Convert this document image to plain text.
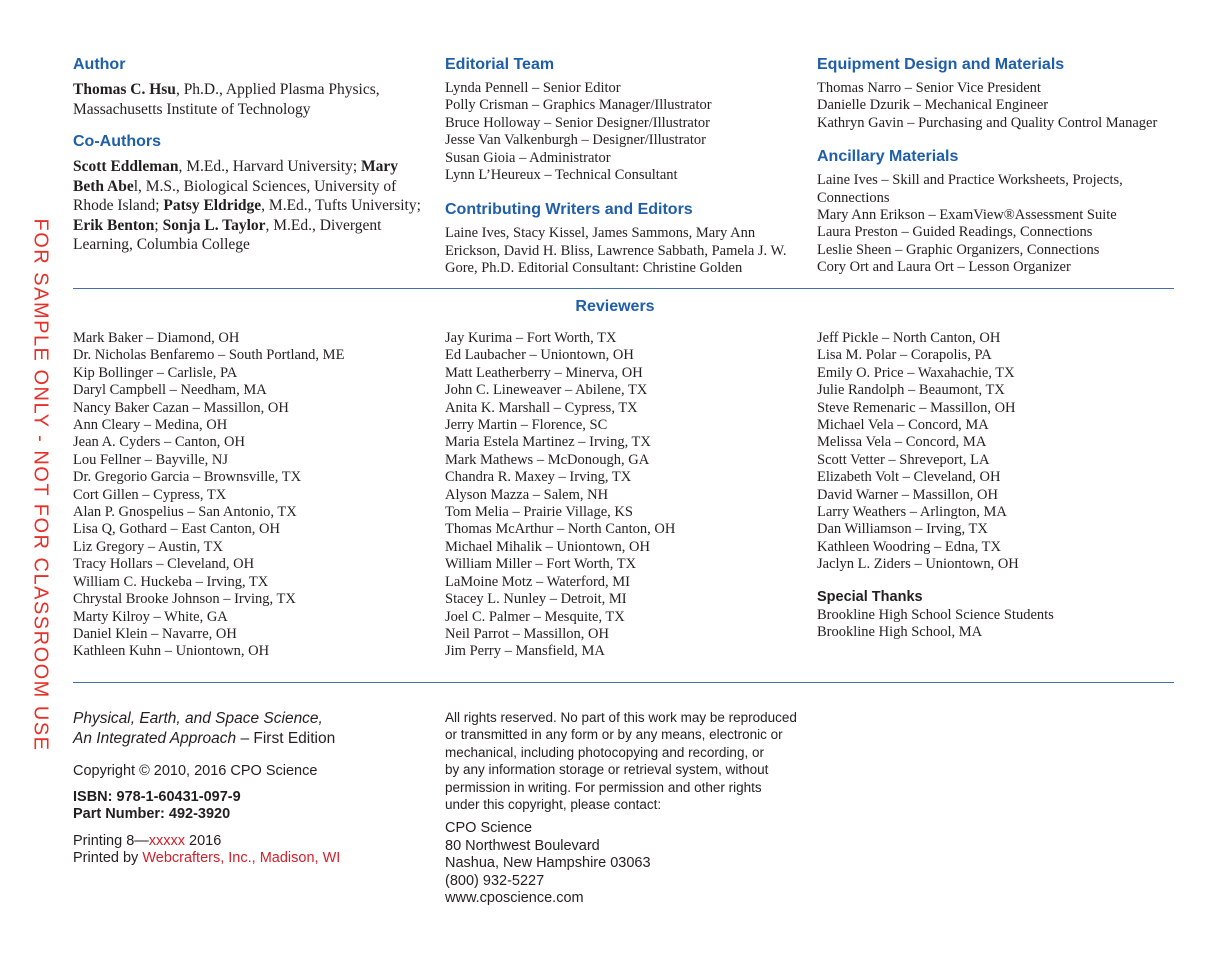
FOR SAMPLE ONLY - NOT FOR CLASSROOM USE
Author
Thomas C. Hsu, Ph.D., Applied Plasma Physics, Massachusetts Institute of Technology
Co-Authors
Scott Eddleman, M.Ed., Harvard University; Mary Beth Abel, M.S., Biological Sciences, University of Rhode Island; Patsy Eldridge, M.Ed., Tufts University; Erik Benton; Sonja L. Taylor, M.Ed., Divergent Learning, Columbia College
Editorial Team
Lynda Pennell – Senior Editor
Polly Crisman – Graphics Manager/Illustrator
Bruce Holloway – Senior Designer/Illustrator
Jesse Van Valkenburgh – Designer/Illustrator
Susan Gioia – Administrator
Lynn L’Heureux – Technical Consultant
Contributing Writers and Editors
Laine Ives, Stacy Kissel, James Sammons, Mary Ann Erickson, David H. Bliss, Lawrence Sabbath, Pamela J. W. Gore, Ph.D. Editorial Consultant: Christine Golden
Equipment Design and Materials
Thomas Narro – Senior Vice President
Danielle Dzurik – Mechanical Engineer
Kathryn Gavin – Purchasing and Quality Control Manager
Ancillary Materials
Laine Ives – Skill and Practice Worksheets, Projects, Connections
Mary Ann Erikson – ExamView®Assessment Suite
Laura Preston – Guided Readings, Connections
Leslie Sheen – Graphic Organizers, Connections
Cory Ort and Laura Ort – Lesson Organizer
Reviewers
Mark Baker – Diamond, OH
Dr. Nicholas Benfaremo – South Portland, ME
Kip Bollinger – Carlisle, PA
Daryl Campbell – Needham, MA
Nancy Baker Cazan – Massillon, OH
Ann Cleary – Medina, OH
Jean A. Cyders – Canton, OH
Lou Fellner – Bayville, NJ
Dr. Gregorio Garcia – Brownsville, TX
Cort Gillen – Cypress, TX
Alan P. Gnospelius – San Antonio, TX
Lisa Q, Gothard – East Canton, OH
Liz Gregory – Austin, TX
Tracy Hollars – Cleveland, OH
William C. Huckeba – Irving, TX
Chrystal Brooke Johnson – Irving, TX
Marty Kilroy – White, GA
Daniel Klein – Navarre, OH
Kathleen Kuhn – Uniontown, OH
Jay Kurima – Fort Worth, TX
Ed Laubacher – Uniontown, OH
Matt Leatherberry – Minerva, OH
John C. Lineweaver – Abilene, TX
Anita K. Marshall – Cypress, TX
Jerry Martin – Florence, SC
Maria Estela Martinez – Irving, TX
Mark Mathews – McDonough, GA
Chandra R. Maxey – Irving, TX
Alyson Mazza – Salem, NH
Tom Melia – Prairie Village, KS
Thomas McArthur – North Canton, OH
Michael Mihalik – Uniontown, OH
William Miller – Fort Worth, TX
LaMoine Motz – Waterford, MI
Stacey L. Nunley – Detroit, MI
Joel C. Palmer – Mesquite, TX
Neil Parrot – Massillon, OH
Jim Perry – Mansfield, MA
Jeff Pickle – North Canton, OH
Lisa M. Polar – Corapolis, PA
Emily O. Price – Waxahachie, TX
Julie Randolph – Beaumont, TX
Steve Remenaric – Massillon, OH
Michael Vela – Concord, MA
Melissa Vela – Concord, MA
Scott Vetter – Shreveport, LA
Elizabeth Volt – Cleveland, OH
David Warner – Massillon, OH
Larry Weathers – Arlington, MA
Dan Williamson – Irving, TX
Kathleen Woodring – Edna, TX
Jaclyn L. Ziders – Uniontown, OH
Special Thanks
Brookline High School Science Students
Brookline High School, MA
Physical, Earth, and Space Science,
An Integrated Approach – First Edition
Copyright © 2010, 2016 CPO Science
ISBN: 978-1-60431-097-9
Part Number: 492-3920
Printing 8—xxxxx 2016
Printed by Webcrafters, Inc., Madison, WI
All rights reserved. No part of this work may be reproduced
or transmitted in any form or by any means, electronic or
mechanical, including photocopying and recording, or
by any information storage or retrieval system, without
permission in writing. For permission and other rights
under this copyright, please contact:
CPO Science
80 Northwest Boulevard
Nashua, New Hampshire 03063
(800) 932-5227
www.cposcience.com
